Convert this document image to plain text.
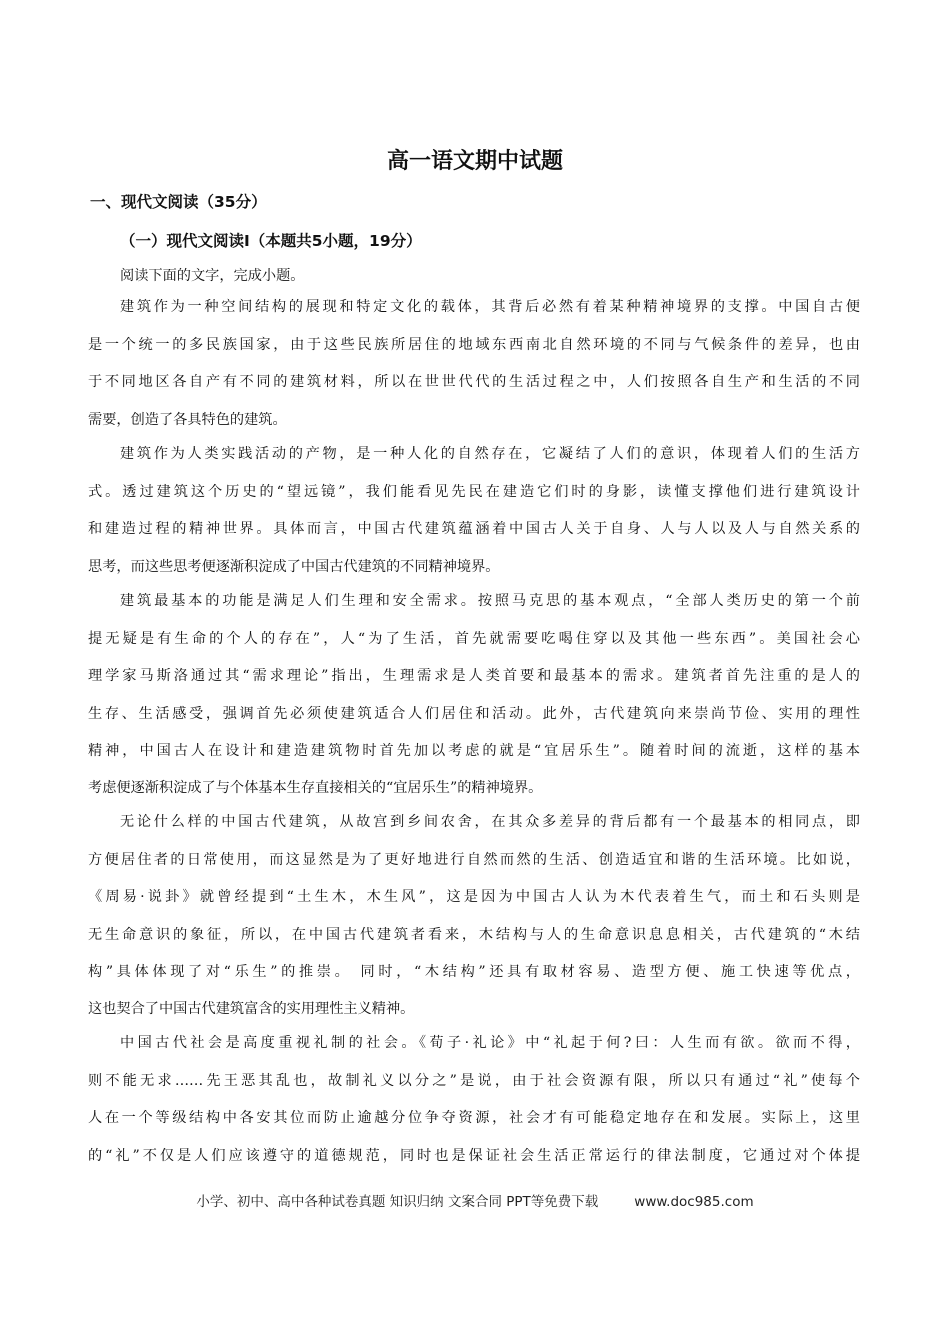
高一语文期中试题
一、现代文阅读（35分）
（一）现代文阅读Ⅰ（本题共5小题，19分）
阅读下面的文字，完成小题。
建筑作为一种空间结构的展现和特定文化的载体，其背后必然有着某种精神境界的支撑。中国自古便
是一个统一的多民族国家，由于这些民族所居住的地域东西南北自然环境的不同与气候条件的差异，也由
于不同地区各自产有不同的建筑材料，所以在世世代代的生活过程之中，人们按照各自生产和生活的不同
需要，创造了各具特色的建筑。
建筑作为人类实践活动的产物，是一种人化的自然存在，它凝结了人们的意识，体现着人们的生活方
式。透过建筑这个历史的“望远镜”，我们能看见先民在建造它们时的身影，读懂支撑他们进行建筑设计
和建造过程的精神世界。具体而言，中国古代建筑蕴涵着中国古人关于自身、人与人以及人与自然关系的
思考，而这些思考便逐渐积淀成了中国古代建筑的不同精神境界。
建筑最基本的功能是满足人们生理和安全需求。按照马克思的基本观点，“全部人类历史的第一个前
提无疑是有生命的个人的存在”，人“为了生活，首先就需要吃喝住穿以及其他一些东西”。美国社会心
理学家马斯洛通过其“需求理论”指出，生理需求是人类首要和最基本的需求。建筑者首先注重的是人的
生存、生活感受，强调首先必须使建筑适合人们居住和活动。此外，古代建筑向来崇尚节俭、实用的理性
精神，中国古人在设计和建造建筑物时首先加以考虑的就是“宜居乐生”。随着时间的流逝，这样的基本
考虑便逐渐积淀成了与个体基本生存直接相关的“宜居乐生”的精神境界。
无论什么样的中国古代建筑，从故宫到乡间农舍，在其众多差异的背后都有一个最基本的相同点，即
方便居住者的日常使用，而这显然是为了更好地进行自然而然的生活、创造适宜和谐的生活环境。比如说，
《周易·说卦》就曾经提到“土生木，木生风”，这是因为中国古人认为木代表着生气，而土和石头则是
无生命意识的象征，所以，在中国古代建筑者看来，木结构与人的生命意识息息相关，古代建筑的“木结
构”具体体现了对“乐生”的推崇。 同时，“木结构”还具有取材容易、造型方便、施工快速等优点，
这也契合了中国古代建筑富含的实用理性主义精神。
中国古代社会是高度重视礼制的社会。《荀子·礼论》中“礼起于何?曰：人生而有欲。欲而不得，
则不能无求……先王恶其乱也，故制礼义以分之”是说，由于社会资源有限，所以只有通过“礼”使每个
人在一个等级结构中各安其位而防止逾越分位争夺资源，社会才有可能稳定地存在和发展。实际上，这里
的“礼”不仅是人们应该遵守的道德规范，同时也是保证社会生活正常运行的律法制度，它通过对个体提
小学、初中、高中各种试卷真题 知识归纳 文案合同 PPT等免费下载	www.doc985.com
